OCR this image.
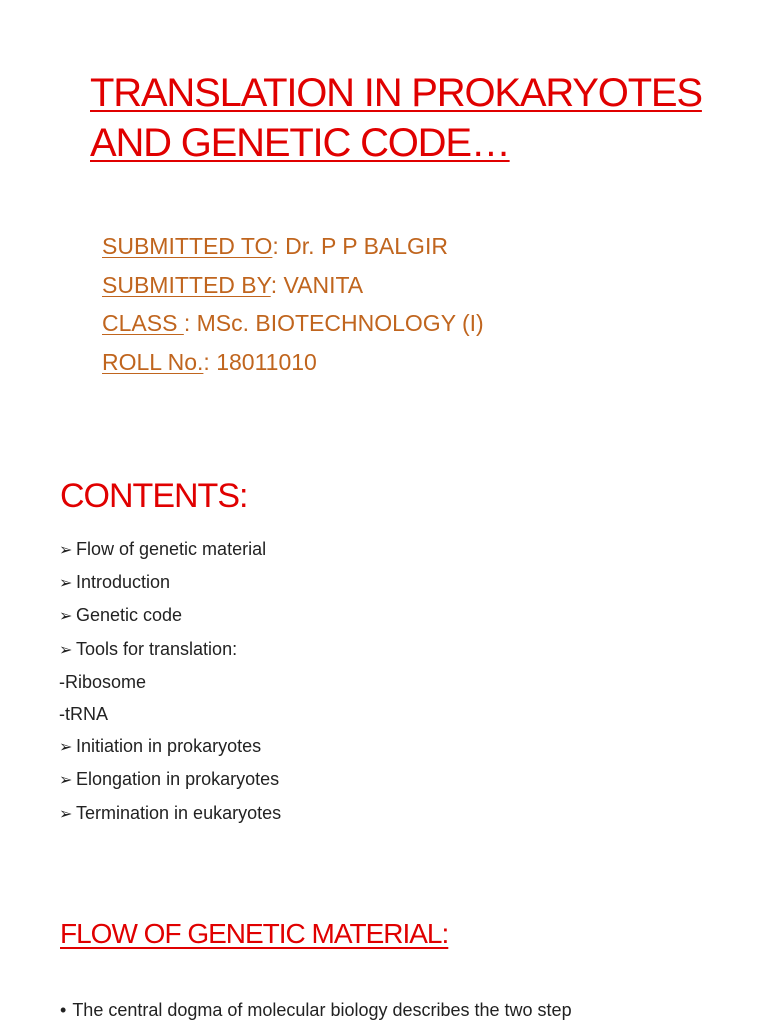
TRANSLATION IN PROKARYOTES
AND GENETIC CODE…
SUBMITTED TO: Dr. P P BALGIR
SUBMITTED BY: VANITA
CLASS : MSc. BIOTECHNOLOGY (I)
ROLL No.: 18011010
CONTENTS:
➢ Flow of genetic material
➢ Introduction
➢ Genetic code
➢ Tools for translation:
-Ribosome
-tRNA
➢ Initiation in prokaryotes
➢ Elongation in prokaryotes
➢ Termination in eukaryotes
FLOW OF GENETIC MATERIAL:

• The central dogma of molecular biology describes the two step
